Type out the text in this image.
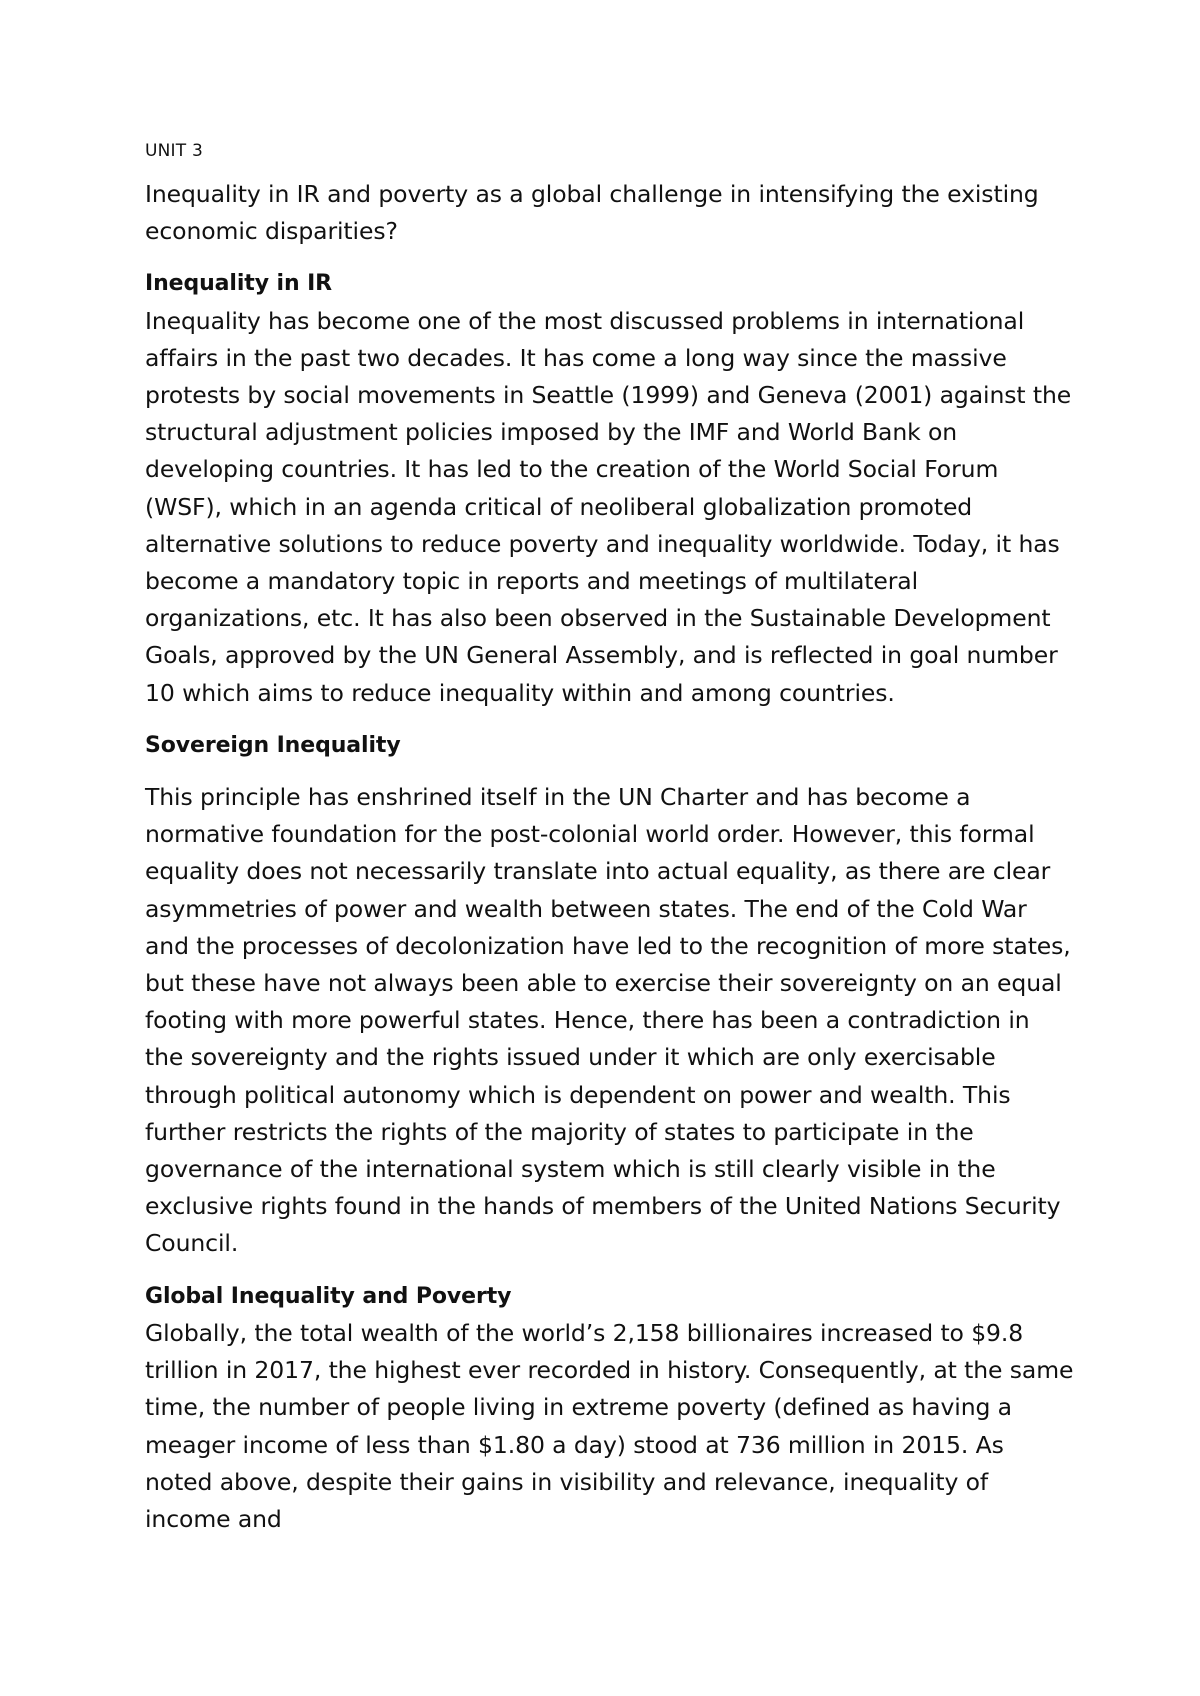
UNIT 3

Inequality in IR and poverty as a global challenge in intensifying the existing economic disparities?

Inequality in IR

Inequality has become one of the most discussed problems in international affairs in the past two decades. It has come a long way since the massive protests by social movements in Seattle (1999) and Geneva (2001) against the structural adjustment policies imposed by the IMF and World Bank on developing countries. It has led to the creation of the World Social Forum (WSF), which in an agenda critical of neoliberal globalization promoted alternative solutions to reduce poverty and inequality worldwide. Today, it has become a mandatory topic in reports and meetings of multilateral organizations, etc. It has also been observed in the Sustainable Development Goals, approved by the UN General Assembly, and is reflected in goal number 10 which aims to reduce inequality within and among countries.

Sovereign Inequality

This principle has enshrined itself in the UN Charter and has become a normative foundation for the post-colonial world order. However, this formal equality does not necessarily translate into actual equality, as there are clear asymmetries of power and wealth between states. The end of the Cold War and the processes of decolonization have led to the recognition of more states, but these have not always been able to exercise their sovereignty on an equal footing with more powerful states. Hence, there has been a contradiction in the sovereignty and the rights issued under it which are only exercisable through political autonomy which is dependent on power and wealth. This further restricts the rights of the majority of states to participate in the governance of the international system which is still clearly visible in the exclusive rights found in the hands of members of the United Nations Security Council.

Global Inequality and Poverty

Globally, the total wealth of the world’s 2,158 billionaires increased to $9.8 trillion in 2017, the highest ever recorded in history. Consequently, at the same time, the number of people living in extreme poverty (defined as having a meager income of less than $1.80 a day) stood at 736 million in 2015. As noted above, despite their gains in visibility and relevance, inequality of income and
